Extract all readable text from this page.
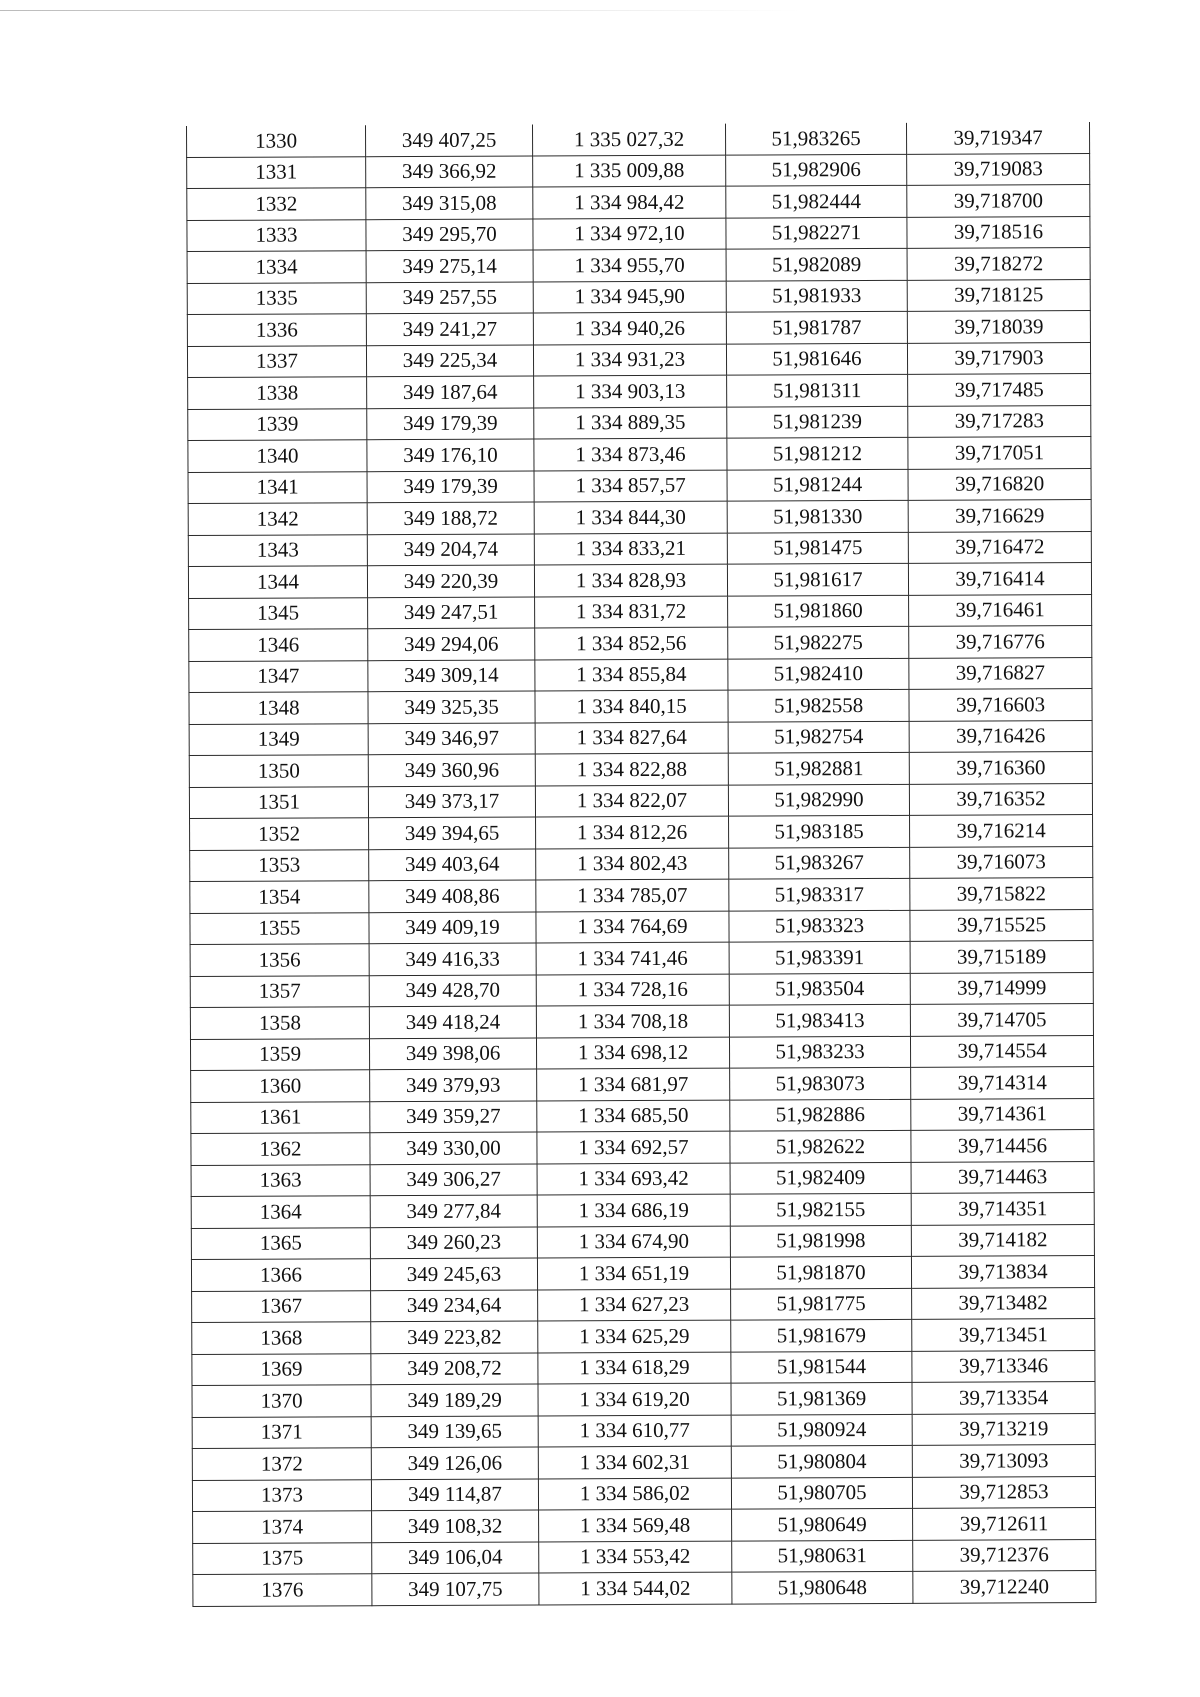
1330	349 407,25	1 335 027,32	51,983265	39,719347
1331	349 366,92	1 335 009,88	51,982906	39,719083
1332	349 315,08	1 334 984,42	51,982444	39,718700
1333	349 295,70	1 334 972,10	51,982271	39,718516
1334	349 275,14	1 334 955,70	51,982089	39,718272
1335	349 257,55	1 334 945,90	51,981933	39,718125
1336	349 241,27	1 334 940,26	51,981787	39,718039
1337	349 225,34	1 334 931,23	51,981646	39,717903
1338	349 187,64	1 334 903,13	51,981311	39,717485
1339	349 179,39	1 334 889,35	51,981239	39,717283
1340	349 176,10	1 334 873,46	51,981212	39,717051
1341	349 179,39	1 334 857,57	51,981244	39,716820
1342	349 188,72	1 334 844,30	51,981330	39,716629
1343	349 204,74	1 334 833,21	51,981475	39,716472
1344	349 220,39	1 334 828,93	51,981617	39,716414
1345	349 247,51	1 334 831,72	51,981860	39,716461
1346	349 294,06	1 334 852,56	51,982275	39,716776
1347	349 309,14	1 334 855,84	51,982410	39,716827
1348	349 325,35	1 334 840,15	51,982558	39,716603
1349	349 346,97	1 334 827,64	51,982754	39,716426
1350	349 360,96	1 334 822,88	51,982881	39,716360
1351	349 373,17	1 334 822,07	51,982990	39,716352
1352	349 394,65	1 334 812,26	51,983185	39,716214
1353	349 403,64	1 334 802,43	51,983267	39,716073
1354	349 408,86	1 334 785,07	51,983317	39,715822
1355	349 409,19	1 334 764,69	51,983323	39,715525
1356	349 416,33	1 334 741,46	51,983391	39,715189
1357	349 428,70	1 334 728,16	51,983504	39,714999
1358	349 418,24	1 334 708,18	51,983413	39,714705
1359	349 398,06	1 334 698,12	51,983233	39,714554
1360	349 379,93	1 334 681,97	51,983073	39,714314
1361	349 359,27	1 334 685,50	51,982886	39,714361
1362	349 330,00	1 334 692,57	51,982622	39,714456
1363	349 306,27	1 334 693,42	51,982409	39,714463
1364	349 277,84	1 334 686,19	51,982155	39,714351
1365	349 260,23	1 334 674,90	51,981998	39,714182
1366	349 245,63	1 334 651,19	51,981870	39,713834
1367	349 234,64	1 334 627,23	51,981775	39,713482
1368	349 223,82	1 334 625,29	51,981679	39,713451
1369	349 208,72	1 334 618,29	51,981544	39,713346
1370	349 189,29	1 334 619,20	51,981369	39,713354
1371	349 139,65	1 334 610,77	51,980924	39,713219
1372	349 126,06	1 334 602,31	51,980804	39,713093
1373	349 114,87	1 334 586,02	51,980705	39,712853
1374	349 108,32	1 334 569,48	51,980649	39,712611
1375	349 106,04	1 334 553,42	51,980631	39,712376
1376	349 107,75	1 334 544,02	51,980648	39,712240
